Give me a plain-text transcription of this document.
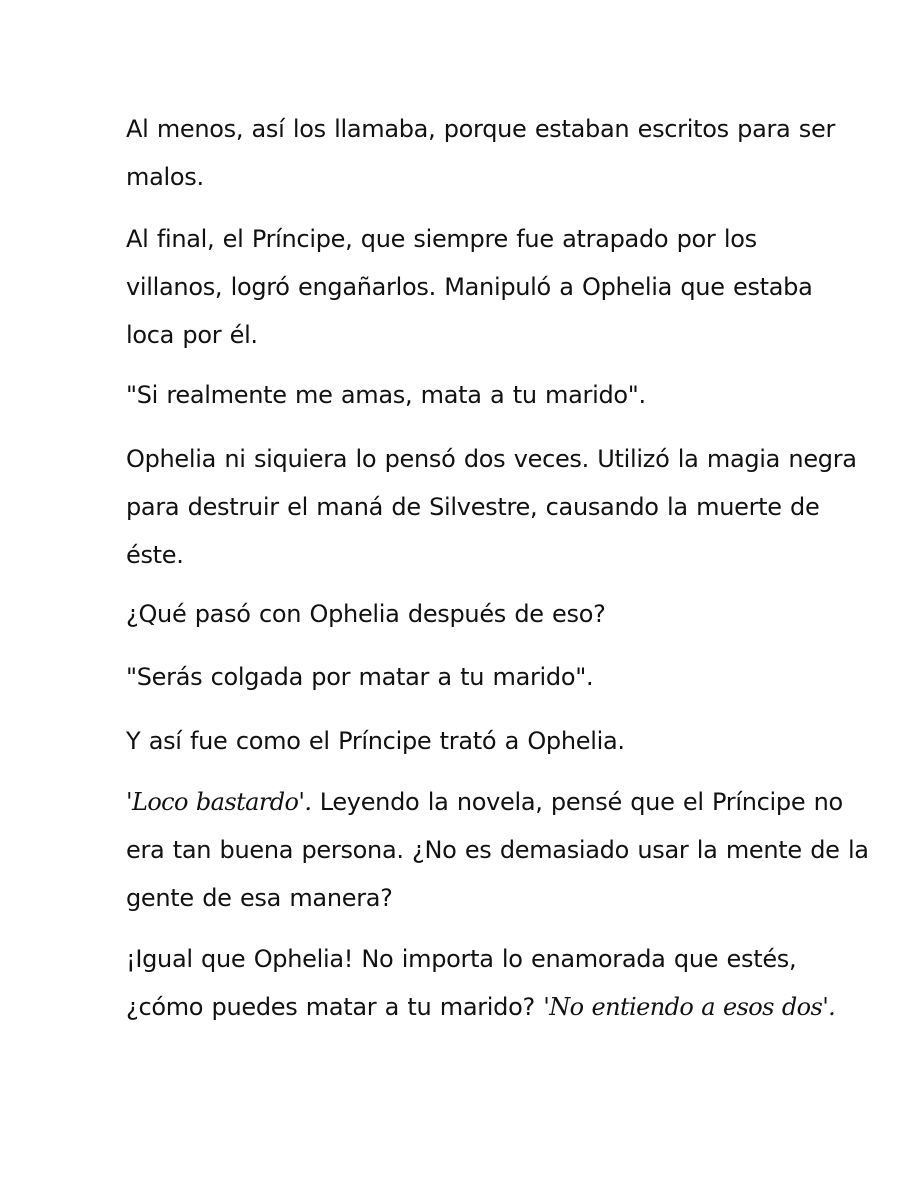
Al menos, así los llamaba, porque estaban escritos para ser
malos.

Al final, el Príncipe, que siempre fue atrapado por los
villanos, logró engañarlos. Manipuló a Ophelia que estaba
loca por él.

"Si realmente me amas, mata a tu marido".

Ophelia ni siquiera lo pensó dos veces. Utilizó la magia negra
para destruir el maná de Silvestre, causando la muerte de
éste.

¿Qué pasó con Ophelia después de eso?

"Serás colgada por matar a tu marido".

Y así fue como el Príncipe trató a Ophelia.

'Loco bastardo'. Leyendo la novela, pensé que el Príncipe no
era tan buena persona. ¿No es demasiado usar la mente de la
gente de esa manera?

¡Igual que Ophelia! No importa lo enamorada que estés,
¿cómo puedes matar a tu marido? 'No entiendo a esos dos'.
